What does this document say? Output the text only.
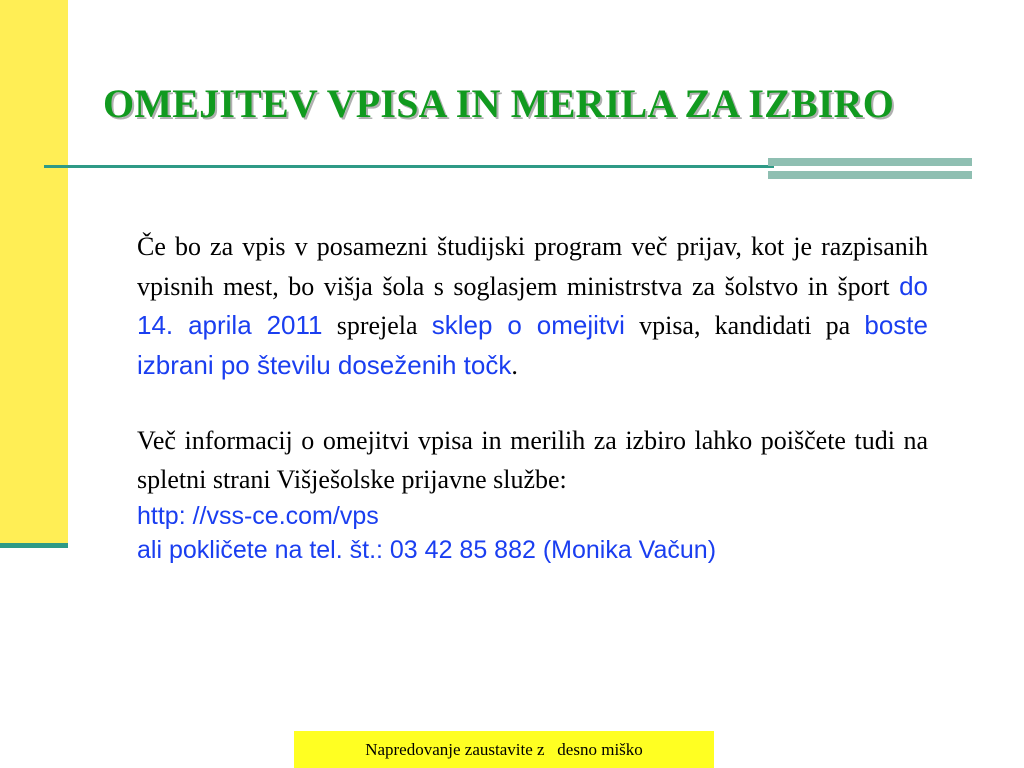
OMEJITEV VPISA IN MERILA ZA IZBIRO

Če bo za vpis v posamezni študijski program več prijav, kot je razpisanih vpisnih mest, bo višja šola s soglasjem ministrstva za šolstvo in šport do 14. aprila 2011 sprejela sklep o omejitvi vpisa, kandidati pa boste izbrani po številu doseženih točk.

Več informacij o omejitvi vpisa in merilih za izbiro lahko poiščete tudi na spletni strani Višješolske prijavne službe:

http: //vss-ce.com/vps

ali pokličete na tel. št.: 03 42 85 882 (Monika Vačun)

Napredovanje zaustavite z   desno miško
